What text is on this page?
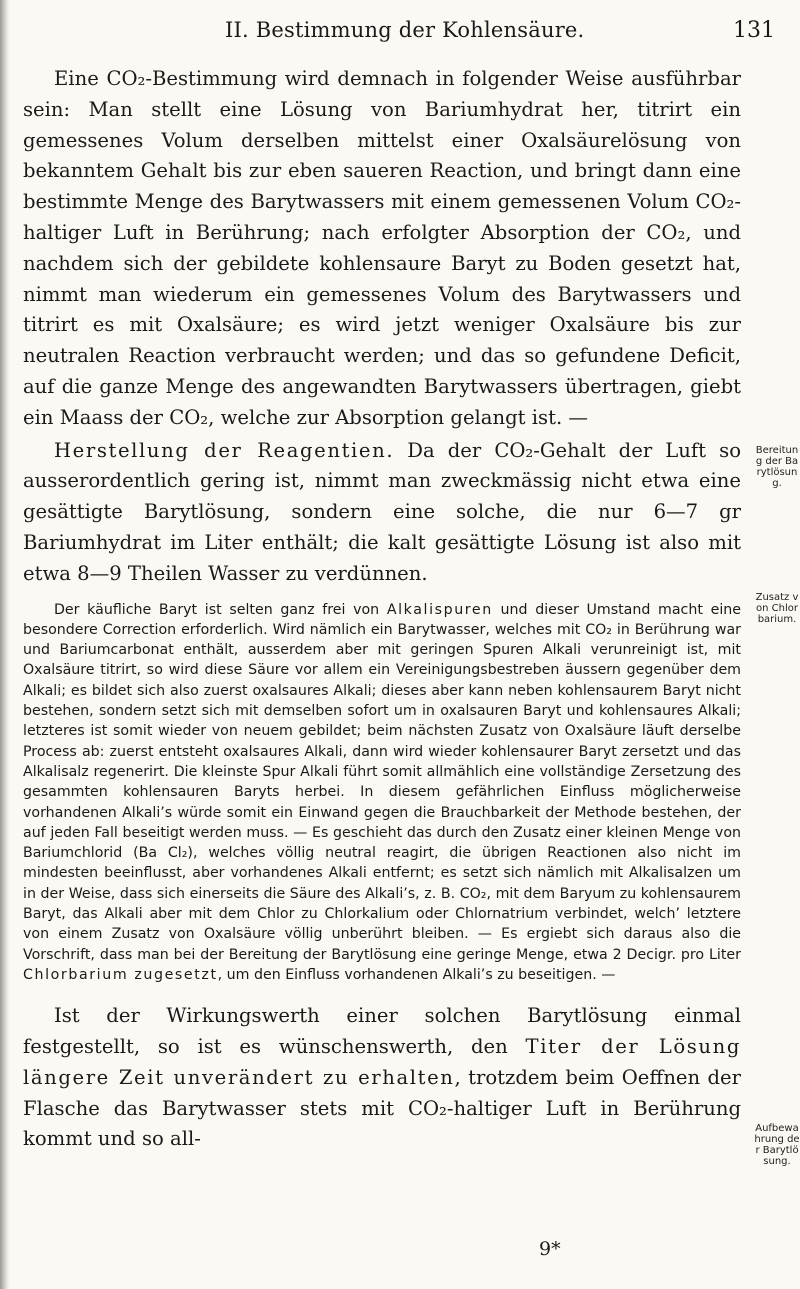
II. Bestimmung der Kohlensäure.	131

Eine CO₂-Bestimmung wird demnach in folgender Weise ausführbar sein: Man stellt eine Lösung von Bariumhydrat her, titrirt ein gemessenes Volum derselben mittelst einer Oxalsäurelösung von bekanntem Gehalt bis zur eben saueren Reaction, und bringt dann eine bestimmte Menge des Barytwassers mit einem gemessenen Volum CO₂-haltiger Luft in Berührung; nach erfolgter Absorption der CO₂, und nachdem sich der gebildete kohlensaure Baryt zu Boden gesetzt hat, nimmt man wiederum ein gemessenes Volum des Barytwassers und titrirt es mit Oxalsäure; es wird jetzt weniger Oxalsäure bis zur neutralen Reaction verbraucht werden; und das so gefundene Deficit, auf die ganze Menge des angewandten Barytwassers übertragen, giebt ein Maass der CO₂, welche zur Absorption gelangt ist. —

Herstellung der Reagentien. Da der CO₂-Gehalt der Luft so ausserordentlich gering ist, nimmt man zweckmässig nicht etwa eine gesättigte Barytlösung, sondern eine solche, die nur 6—7 gr Bariumhydrat im Liter enthält; die kalt gesättigte Lösung ist also mit etwa 8—9 Theilen Wasser zu verdünnen.

Der käufliche Baryt ist selten ganz frei von Alkalispuren und dieser Umstand macht eine besondere Correction erforderlich. Wird nämlich ein Barytwasser, welches mit CO₂ in Berührung war und Bariumcarbonat enthält, ausserdem aber mit geringen Spuren Alkali verunreinigt ist, mit Oxalsäure titrirt, so wird diese Säure vor allem ein Vereinigungsbestreben äussern gegenüber dem Alkali; es bildet sich also zuerst oxalsaures Alkali; dieses aber kann neben kohlensaurem Baryt nicht bestehen, sondern setzt sich mit demselben sofort um in oxalsauren Baryt und kohlensaures Alkali; letzteres ist somit wieder von neuem gebildet; beim nächsten Zusatz von Oxalsäure läuft derselbe Process ab: zuerst entsteht oxalsaures Alkali, dann wird wieder kohlensaurer Baryt zersetzt und das Alkalisalz regenerirt. Die kleinste Spur Alkali führt somit allmählich eine vollständige Zersetzung des gesammten kohlensauren Baryts herbei. In diesem gefährlichen Einfluss möglicherweise vorhandenen Alkali’s würde somit ein Einwand gegen die Brauchbarkeit der Methode bestehen, der auf jeden Fall beseitigt werden muss. — Es geschieht das durch den Zusatz einer kleinen Menge von Bariumchlorid (Ba Cl₂), welches völlig neutral reagirt, die übrigen Reactionen also nicht im mindesten beeinflusst, aber vorhandenes Alkali entfernt; es setzt sich nämlich mit Alkalisalzen um in der Weise, dass sich einerseits die Säure des Alkali’s, z. B. CO₂, mit dem Baryum zu kohlensaurem Baryt, das Alkali aber mit dem Chlor zu Chlorkalium oder Chlornatrium verbindet, welch’ letztere von einem Zusatz von Oxalsäure völlig unberührt bleiben. — Es ergiebt sich daraus also die Vorschrift, dass man bei der Bereitung der Barytlösung eine geringe Menge, etwa 2 Decigr. pro Liter Chlorbarium zugesetzt, um den Einfluss vorhandenen Alkali’s zu beseitigen. —

Ist der Wirkungswerth einer solchen Barytlösung einmal festgestellt, so ist es wünschenswerth, den Titer der Lösung längere Zeit unverändert zu erhalten, trotzdem beim Oeffnen der Flasche das Barytwasser stets mit CO₂-haltiger Luft in Berührung kommt und so all-

Bereitung der Barytlösung.
Zusatz von Chlorbarium.
Aufbewahrung der Barytlösung.
9*
